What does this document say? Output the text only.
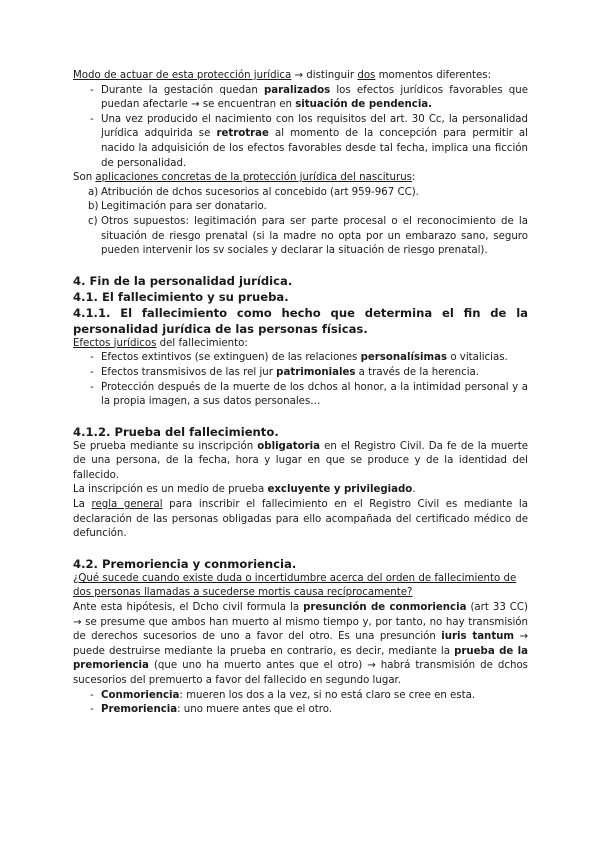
Modo de actuar de esta protección jurídica → distinguir dos momentos diferentes:

- Durante la gestación quedan paralizados los efectos jurídicos favorables que puedan afectarle → se encuentran en situación de pendencia.
- Una vez producido el nacimiento con los requisitos del art. 30 Cc, la personalidad jurídica adquirida se retrotrae al momento de la concepción para permitir al nacido la adquisición de los efectos favorables desde tal fecha, implica una ficción de personalidad.

Son aplicaciones concretas de la protección jurídica del nasciturus:

a) Atribución de dchos sucesorios al concebido (art 959-967 CC).
b) Legitimación para ser donatario.
c) Otros supuestos: legitimación para ser parte procesal o el reconocimiento de la situación de riesgo prenatal (si la madre no opta por un embarazo sano, seguro pueden intervenir los sv sociales y declarar la situación de riesgo prenatal).
4. Fin de la personalidad jurídica.
4.1. El fallecimiento y su prueba.
4.1.1. El fallecimiento como hecho que determina el fin de la personalidad jurídica de las personas físicas.

Efectos jurídicos del fallecimiento:

- Efectos extintivos (se extinguen) de las relaciones personalísimas o vitalicias.
- Efectos transmisivos de las rel jur patrimoniales a través de la herencia.
- Protección después de la muerte de los dchos al honor, a la intimidad personal y a la propia imagen, a sus datos personales…
4.1.2. Prueba del fallecimiento.

Se prueba mediante su inscripción obligatoria en el Registro Civil. Da fe de la muerte de una persona, de la fecha, hora y lugar en que se produce y de la identidad del fallecido.

La inscripción es un medio de prueba excluyente y privilegiado.

La regla general para inscribir el fallecimiento en el Registro Civil es mediante la declaración de las personas obligadas para ello acompañada del certificado médico de defunción.

4.2. Premoriencia y conmoriencia.

¿Qué sucede cuando existe duda o incertidumbre acerca del orden de fallecimiento de dos personas llamadas a sucederse mortis causa recíprocamente?

Ante esta hipótesis, el Dcho civil formula la presunción de conmoriencia (art 33 CC) → se presume que ambos han muerto al mismo tiempo y, por tanto, no hay transmisión de derechos sucesorios de uno a favor del otro. Es una presunción iuris tantum → puede destruirse mediante la prueba en contrario, es decir, mediante la prueba de la premoriencia (que uno ha muerto antes que el otro) → habrá transmisión de dchos sucesorios del premuerto a favor del fallecido en segundo lugar.

- Conmoriencia: mueren los dos a la vez, si no está claro se cree en esta.
- Premoriencia: uno muere antes que el otro.
